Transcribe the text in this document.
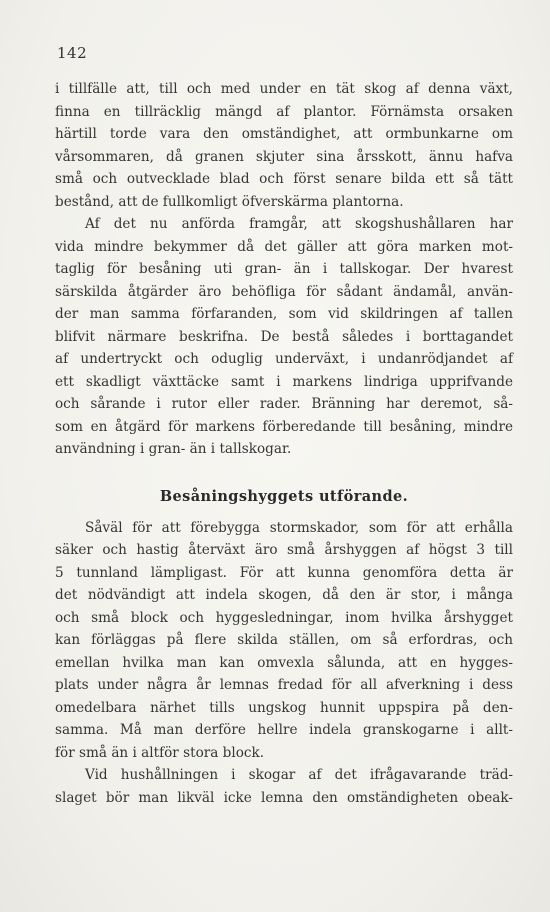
142
i tillfälle att, till och med under en tät skog af denna växt,
finna en tillräcklig mängd af plantor. Förnämsta orsaken
härtill torde vara den omständighet, att ormbunkarne om
vårsommaren, då granen skjuter sina årsskott, ännu hafva
små och outvecklade blad och först senare bilda ett så tätt
bestånd, att de fullkomligt öfverskärma plantorna.
Af det nu anförda framgår, att skogshushållaren har
vida mindre bekymmer då det gäller att göra marken mot-
taglig för besåning uti gran- än i tallskogar. Der hvarest
särskilda åtgärder äro behöfliga för sådant ändamål, använ-
der man samma förfaranden, som vid skildringen af tallen
blifvit närmare beskrifna. De bestå således i borttagandet
af undertryckt och oduglig underväxt, i undanrödjandet af
ett skadligt växttäcke samt i markens lindriga upprifvande
och sårande i rutor eller rader. Bränning har deremot, så-
som en åtgärd för markens förberedande till besåning, mindre
användning i gran- än i tallskogar.
Besåningshyggets utförande.
Såväl för att förebygga stormskador, som för att erhålla
säker och hastig återväxt äro små årshyggen af högst 3 till
5 tunnland lämpligast. För att kunna genomföra detta är
det nödvändigt att indela skogen, då den är stor, i många
och små block och hyggesledningar, inom hvilka årshygget
kan förläggas på flere skilda ställen, om så erfordras, och
emellan hvilka man kan omvexla sålunda, att en hygges-
plats under några år lemnas fredad för all afverkning i dess
omedelbara närhet tills ungskog hunnit uppspira på den-
samma. Må man derföre hellre indela granskogarne i allt-
för små än i altför stora block.
Vid hushållningen i skogar af det ifrågavarande träd-
slaget bör man likväl icke lemna den omständigheten obeak-
